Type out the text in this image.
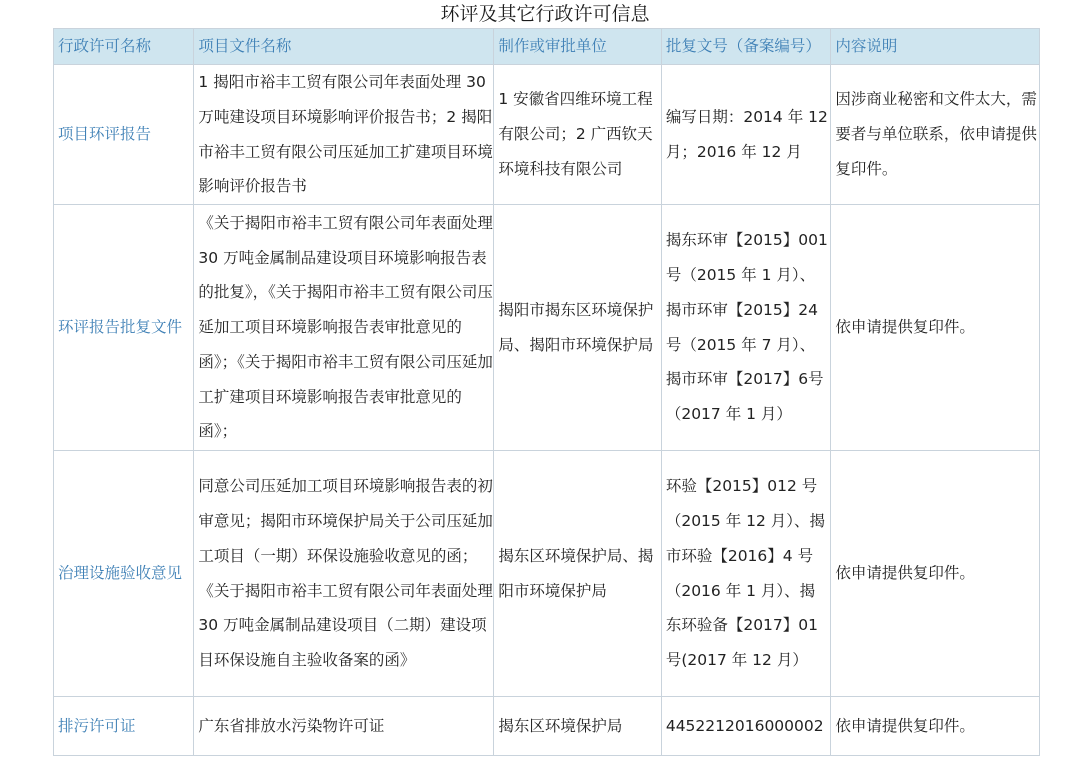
环评及其它行政许可信息
行政许可名称	项目文件名称	制作或审批单位	批复文号（备案编号）	内容说明
项目环评报告	1 揭阳市裕丰工贸有限公司年表面处理 30 万吨建设项目环境影响评价报告书；2 揭阳市裕丰工贸有限公司压延加工扩建项目环境影响评价报告书	1 安徽省四维环境工程有限公司；2 广西钦天环境科技有限公司	编写日期：2014 年 12 月；2016 年 12 月	因涉商业秘密和文件太大，需要者与单位联系，依申请提供复印件。
环评报告批复文件	《关于揭阳市裕丰工贸有限公司年表面处理 30 万吨金属制品建设项目环境影响报告表的批复》，《关于揭阳市裕丰工贸有限公司压延加工项目环境影响报告表审批意见的函》；《关于揭阳市裕丰工贸有限公司压延加工扩建项目环境影响报告表审批意见的函》；	揭阳市揭东区环境保护局、揭阳市环境保护局	揭东环审【2015】001号（2015 年 1 月）、揭市环审【2015】24号（2015 年 7 月）、揭市环审【2017】6号（2017 年 1 月）	依申请提供复印件。
治理设施验收意见	同意公司压延加工项目环境影响报告表的初审意见；揭阳市环境保护局关于公司压延加工项目（一期）环保设施验收意见的函；《关于揭阳市裕丰工贸有限公司年表面处理 30 万吨金属制品建设项目（二期）建设项目环保设施自主验收备案的函》	揭东区环境保护局、揭阳市环境保护局	环验【2015】012 号（2015 年 12 月）、揭市环验【2016】4 号（2016 年 1 月）、揭东环验备【2017】01 号(2017 年 12 月）	依申请提供复印件。
排污许可证	广东省排放水污染物许可证	揭东区环境保护局	4452212016000002	依申请提供复印件。
